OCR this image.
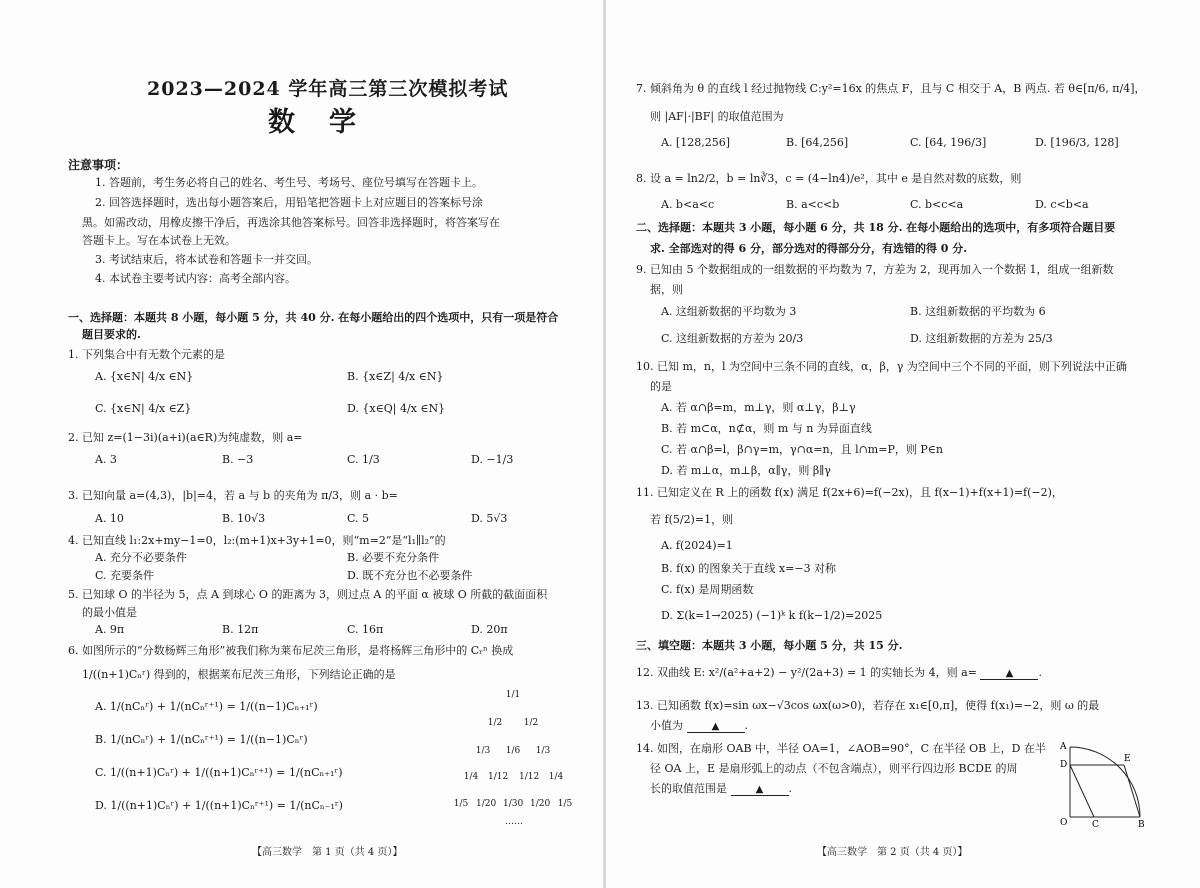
2023—2024 学年高三第三次模拟考试
数学
注意事项：
1. 答题前，考生务必将自己的姓名、考生号、考场号、座位号填写在答题卡上。
2. 回答选择题时，选出每小题答案后，用铅笔把答题卡上对应题目的答案标号涂
黑。如需改动，用橡皮擦干净后，再选涂其他答案标号。回答非选择题时，将答案写在
答题卡上。写在本试卷上无效。
3. 考试结束后，将本试卷和答题卡一并交回。
4. 本试卷主要考试内容：高考全部内容。
一、选择题：本题共 8 小题，每小题 5 分，共 40 分. 在每小题给出的四个选项中，只有一项是符合
题目要求的.
1. 下列集合中有无数个元素的是
A. {x∈N| 4/x ∈N}	B. {x∈Z| 4/x ∈N}
C. {x∈N| 4/x ∈Z}	D. {x∈Q| 4/x ∈N}
2. 已知 z=(1−3i)(a+i)(a∈R)为纯虚数，则 a=
A. 3	B. −3	C. 1/3	D. −1/3
3. 已知向量 a=(4,3)，|b|=4，若 a 与 b 的夹角为 π/3，则 a · b=
A. 10	B. 10√3	C. 5	D. 5√3
4. 已知直线 l₁:2x+my−1=0，l₂:(m+1)x+3y+1=0，则“m=2”是“l₁∥l₂”的
A. 充分不必要条件	B. 必要不充分条件
C. 充要条件	D. 既不充分也不必要条件
5. 已知球 O 的半径为 5，点 A 到球心 O 的距离为 3，则过点 A 的平面 α 被球 O 所截的截面面积
的最小值是
A. 9π	B. 12π	C. 16π	D. 20π
6. 如图所示的“分数杨辉三角形”被我们称为莱布尼茨三角形，是将杨辉三角形中的 Cᵣⁿ 换成
1/((n+1)Cₙʳ) 得到的，根据莱布尼茨三角形，下列结论正确的是
A. 1/(nCₙʳ) + 1/(nCₙʳ⁺¹) = 1/((n−1)Cₙ₊₁ʳ)
B. 1/(nCₙʳ) + 1/(nCₙʳ⁺¹) = 1/((n−1)Cₙʳ)
C. 1/((n+1)Cₙʳ) + 1/((n+1)Cₙʳ⁺¹) = 1/(nCₙ₊₁ʳ)
D. 1/((n+1)Cₙʳ) + 1/((n+1)Cₙʳ⁺¹) = 1/(nCₙ₋₁ʳ)
1/1
1/2	1/2
1/3	1/6	1/3
1/4	1/12 1/12	1/4
1/5 1/20 1/30 1/20 1/5
……
【高三数学　第 1 页（共 4 页）】
7. 倾斜角为 θ 的直线 l 经过抛物线 C:y²=16x 的焦点 F，且与 C 相交于 A，B 两点. 若 θ∈[π/6, π/4]，
则 |AF|·|BF| 的取值范围为
A. [128,256]	B. [64,256]	C. [64, 196/3]	D. [196/3, 128]
8. 设 a = ln2/2，b = ln∛3，c = (4−ln4)/e²，其中 e 是自然对数的底数，则
A. b<a<c	B. a<c<b	C. b<c<a	D. c<b<a
二、选择题：本题共 3 小题，每小题 6 分，共 18 分. 在每小题给出的选项中，有多项符合题目要
求. 全部选对的得 6 分，部分选对的得部分分，有选错的得 0 分.
9. 已知由 5 个数据组成的一组数据的平均数为 7，方差为 2，现再加入一个数据 1，组成一组新数
据，则
A. 这组新数据的平均数为 3	B. 这组新数据的平均数为 6
C. 这组新数据的方差为 20/3	D. 这组新数据的方差为 25/3
10. 已知 m，n，l 为空间中三条不同的直线，α，β，γ 为空间中三个不同的平面，则下列说法中正确
的是
A. 若 α∩β=m，m⊥γ，则 α⊥γ，β⊥γ
B. 若 m⊂α，n⊄α，则 m 与 n 为异面直线
C. 若 α∩β=l，β∩γ=m，γ∩α=n，且 l∩m=P，则 P∈n
D. 若 m⊥α，m⊥β，α∥γ，则 β∥γ
11. 已知定义在 R 上的函数 f(x) 满足 f(2x+6)=f(−2x)，且 f(x−1)+f(x+1)=f(−2)，
若 f(5/2)=1，则
A. f(2024)=1
B. f(x) 的图象关于直线 x=−3 对称
C. f(x) 是周期函数
D. Σ(k=1→2025) (−1)ᵏ k f(k−1/2)=2025
三、填空题：本题共 3 小题，每小题 5 分，共 15 分.
12. 双曲线 E: x²/(a²+a+2) − y²/(2a+3) = 1 的实轴长为 4，则 a=	▲ .
13. 已知函数 f(x)=sin ωx−√3cos ωx(ω>0)，若存在 x₁∈[0,π]，使得 f(x₁)=−2，则 ω 的最
小值为	▲ .
14. 如图，在扇形 OAB 中，半径 OA=1，∠AOB=90°，C 在半径 OB 上，D 在半
径 OA 上，E 是扇形弧上的动点（不包含端点），则平行四边形 BCDE 的周
长的取值范围是	▲ .
A
D
E
O	C	B
【高三数学　第 2 页（共 4 页）】
